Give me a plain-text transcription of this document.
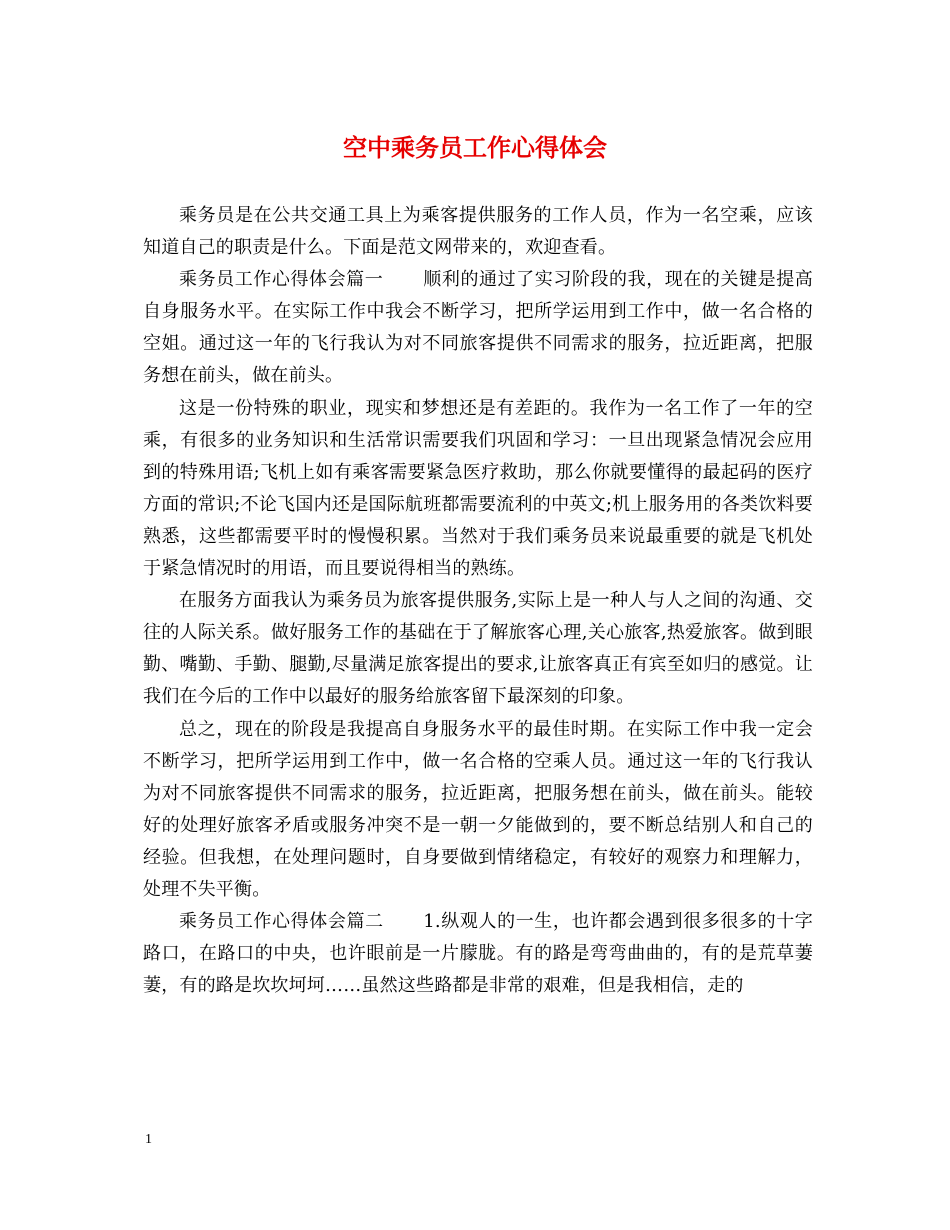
空中乘务员工作心得体会

乘务员是在公共交通工具上为乘客提供服务的工作人员，作为一名空乘，应该知道自己的职责是什么。下面是范文网带来的，欢迎查看。

乘务员工作心得体会篇一 顺利的通过了实习阶段的我，现在的关键是提高自身服务水平。在实际工作中我会不断学习，把所学运用到工作中，做一名合格的空姐。通过这一年的飞行我认为对不同旅客提供不同需求的服务，拉近距离，把服务想在前头，做在前头。

这是一份特殊的职业，现实和梦想还是有差距的。我作为一名工作了一年的空乘，有很多的业务知识和生活常识需要我们巩固和学习：一旦出现紧急情况会应用到的特殊用语;飞机上如有乘客需要紧急医疗救助，那么你就要懂得的最起码的医疗方面的常识;不论飞国内还是国际航班都需要流利的中英文;机上服务用的各类饮料要熟悉，这些都需要平时的慢慢积累。当然对于我们乘务员来说最重要的就是飞机处于紧急情况时的用语，而且要说得相当的熟练。

在服务方面我认为乘务员为旅客提供服务,实际上是一种人与人之间的沟通、交往的人际关系。做好服务工作的基础在于了解旅客心理,关心旅客,热爱旅客。做到眼勤、嘴勤、手勤、腿勤,尽量满足旅客提出的要求,让旅客真正有宾至如归的感觉。让我们在今后的工作中以最好的服务给旅客留下最深刻的印象。

总之，现在的阶段是我提高自身服务水平的最佳时期。在实际工作中我一定会不断学习，把所学运用到工作中，做一名合格的空乘人员。通过这一年的飞行我认为对不同旅客提供不同需求的服务，拉近距离，把服务想在前头，做在前头。能较好的处理好旅客矛盾或服务冲突不是一朝一夕能做到的，要不断总结别人和自己的经验。但我想，在处理问题时，自身要做到情绪稳定，有较好的观察力和理解力，处理不失平衡。

乘务员工作心得体会篇二 1.纵观人的一生，也许都会遇到很多很多的十字路口，在路口的中央，也许眼前是一片朦胧。有的路是弯弯曲曲的，有的是荒草萋萋，有的路是坎坎坷坷……虽然这些路都是非常的艰难，但是我相信，走的

1
